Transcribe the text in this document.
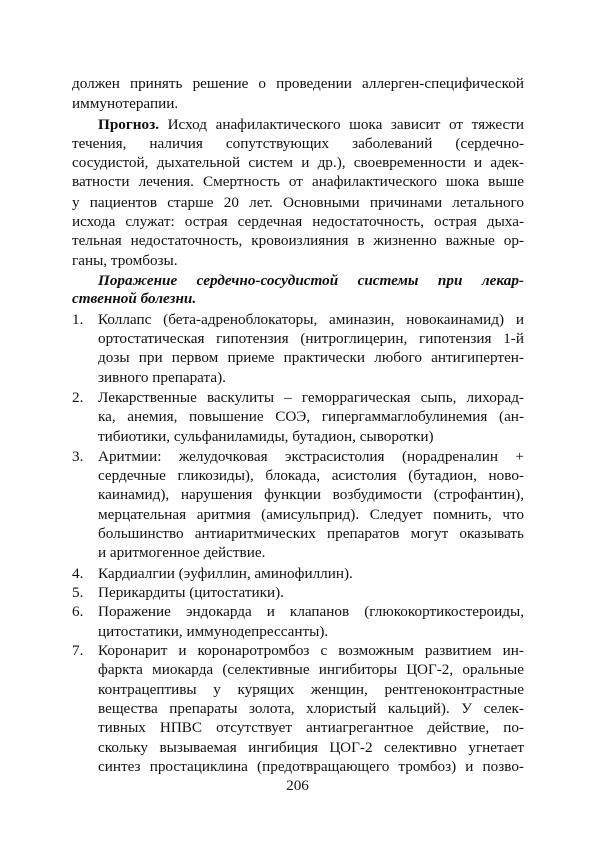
должен принять решение о проведении аллерген-специфической
иммунотерапии.
Прогноз. Исход анафилактического шока зависит от тяжести
течения, наличия сопутствующих заболеваний (сердечно-
сосудистой, дыхательной систем и др.), своевременности и адек-
ватности лечения. Смертность от анафилактического шока выше
у пациентов старше 20 лет. Основными причинами летального
исхода служат: острая сердечная недостаточность, острая дыха-
тельная недостаточность, кровоизлияния в жизненно важные ор-
ганы, тромбозы.
Поражение сердечно-сосудистой системы при лекар-
ственной болезни.
1. Коллапс (бета-адреноблокаторы, аминазин, новокаинамид) и
ортостатическая гипотензия (нитроглицерин, гипотензия 1-й
дозы при первом приеме практически любого антигипертен-
зивного препарата).
2. Лекарственные васкулиты – геморрагическая сыпь, лихорад-
ка, анемия, повышение СОЭ, гипергаммаглобулинемия (ан-
тибиотики, сульфаниламиды, бутадион, сыворотки)
3. Аритмии: желудочковая экстрасистолия (норадреналин +
сердечные гликозиды), блокада, асистолия (бутадион, ново-
каинамид), нарушения функции возбудимости (строфантин),
мерцательная аритмия (амисульприд). Следует помнить, что
большинство антиаритмических препаратов могут оказывать
и аритмогенное действие.
4. Кардиалгии (эуфиллин, аминофиллин).
5. Перикардиты (цитостатики).
6. Поражение эндокарда и клапанов (глюкокортикостероиды,
цитостатики, иммунодепрессанты).
7. Коронарит и коронаротромбоз с возможным развитием ин-
фаркта миокарда (селективные ингибиторы ЦОГ-2, оральные
контрацептивы у курящих женщин, рентгеноконтрастные
вещества препараты золота, хлористый кальций). У селек-
тивных НПВС отсутствует антиагрегантное действие, по-
скольку вызываемая ингибиция ЦОГ-2 селективно угнетает
синтез простациклина (предотвращающего тромбоз) и позво-
206
